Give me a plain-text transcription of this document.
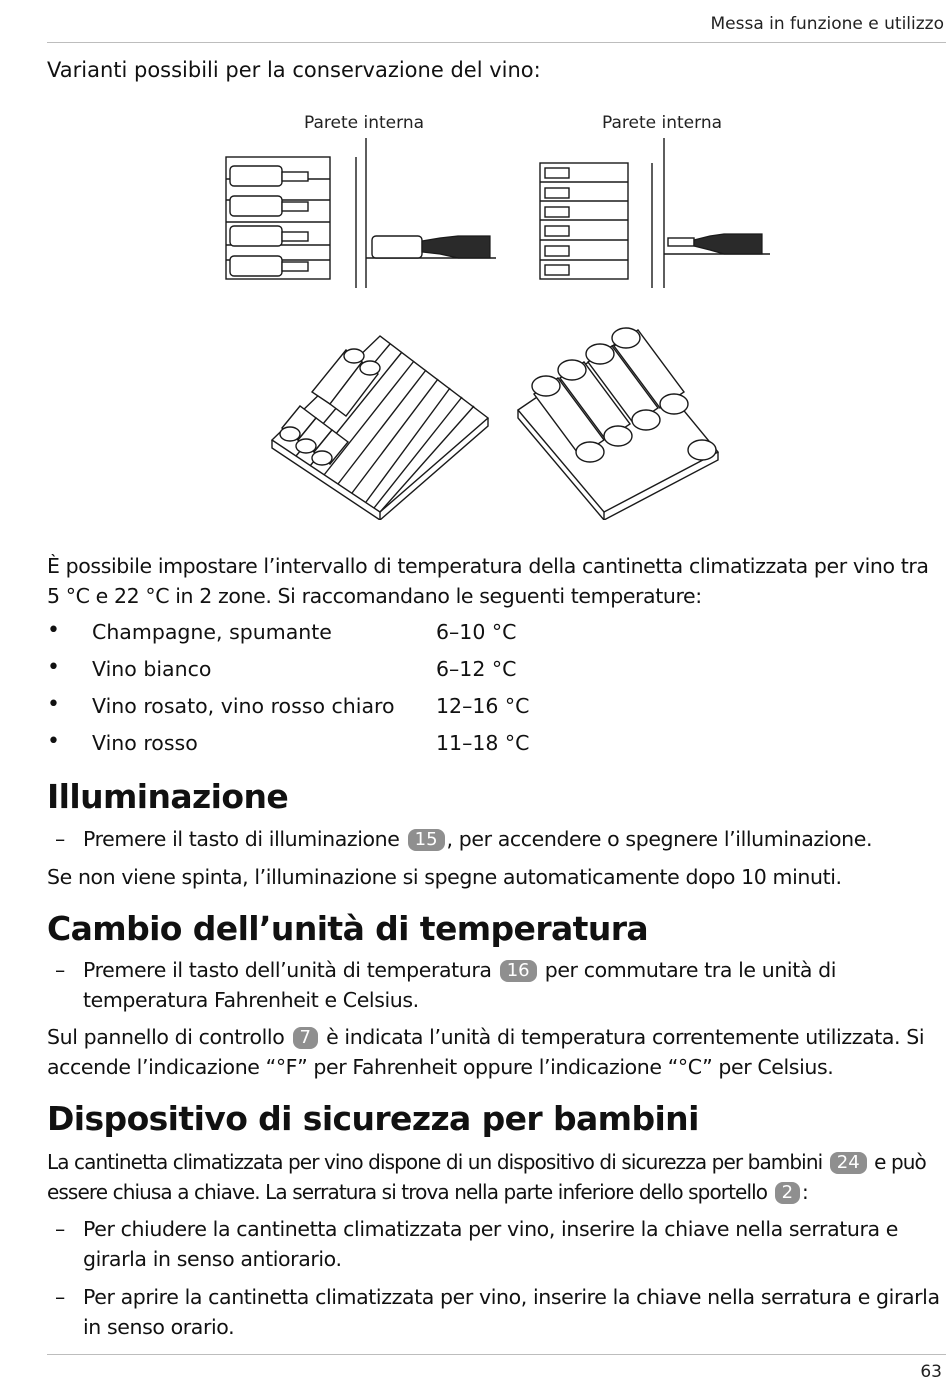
Messa in funzione e utilizzo
Varianti possibili per la conservazione del vino:
Parete interna	Parete interna
È possibile impostare l’intervallo di temperatura della cantinetta climatizzata per vino tra 5 °C e 22 °C in 2 zone. Si raccomandano le seguenti temperature:
• Champagne, spumante	6–10 °C
• Vino bianco	6–12 °C
• Vino rosato, vino rosso chiaro 12–16 °C
• Vino rosso	11–18 °C
Illuminazione
– Premere il tasto di illuminazione 15 , per accendere o spegnere l’illuminazione.
Se non viene spinta, l’illuminazione si spegne automaticamente dopo 10 minuti.
Cambio dell’unità di temperatura
– Premere il tasto dell’unità di temperatura 16 per commutare tra le unità di temperatura Fahrenheit e Celsius.
Sul pannello di controllo 7 è indicata l’unità di temperatura correntemente utilizzata. Si accende l’indicazione “°F” per Fahrenheit oppure l’indicazione “°C” per Celsius.
Dispositivo di sicurezza per bambini
La cantinetta climatizzata per vino dispone di un dispositivo di sicurezza per bambini 24 e può essere chiusa a chiave. La serratura si trova nella parte inferiore dello sportello 2 :
– Per chiudere la cantinetta climatizzata per vino, inserire la chiave nella serratura e girarla in senso antiorario.
– Per aprire la cantinetta climatizzata per vino, inserire la chiave nella serratura e girarla in senso orario.
63
